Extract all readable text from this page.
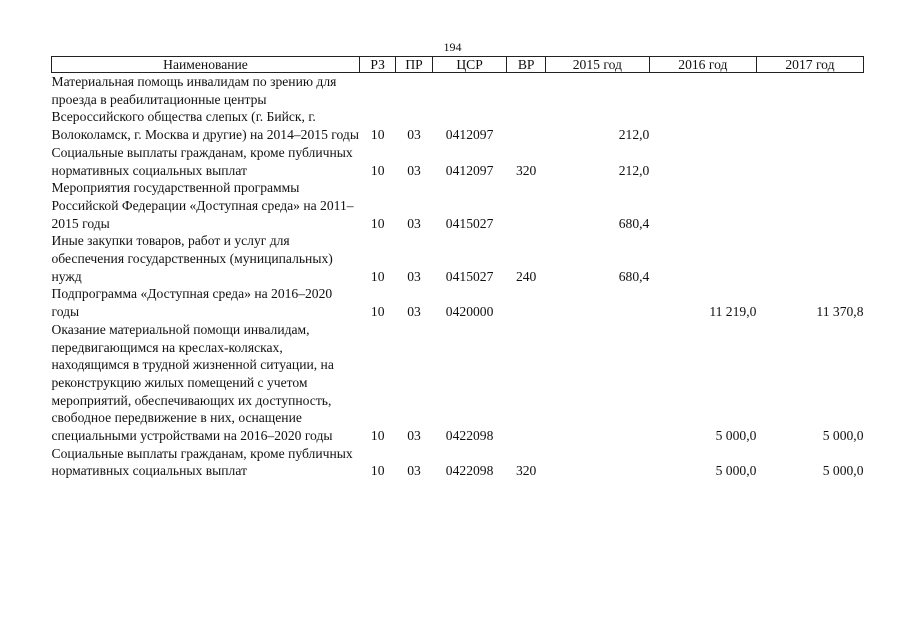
194
Наименование	РЗ	ПР	ЦСР	ВР	2015 год	2016 год	2017 год
Материальная помощь инвалидам по зрению для проезда в реабилитационные центры Всероссийского общества слепых (г. Бийск, г. Волоколамск, г. Москва и другие) на 2014–2015 годы	10	03	0412097		212,0		
Социальные выплаты гражданам, кроме публичных нормативных социальных выплат	10	03	0412097	320	212,0		
Мероприятия государственной программы Российской Федерации «Доступная среда» на 2011–2015 годы	10	03	0415027		680,4		
Иные закупки товаров, работ и услуг для обеспечения государственных (муниципальных) нужд	10	03	0415027	240	680,4		
Подпрограмма «Доступная среда» на 2016–2020 годы	10	03	0420000			11 219,0	11 370,8
Оказание материальной помощи инвалидам, передвигающимся на креслах-колясках, находящимся в трудной жизненной ситуации, на реконструкцию жилых помещений с учетом мероприятий, обеспечивающих их доступность, свободное передвижение в них, оснащение специальными устройствами на 2016–2020 годы	10	03	0422098			5 000,0	5 000,0
Социальные выплаты гражданам, кроме публичных нормативных социальных выплат	10	03	0422098	320		5 000,0	5 000,0
